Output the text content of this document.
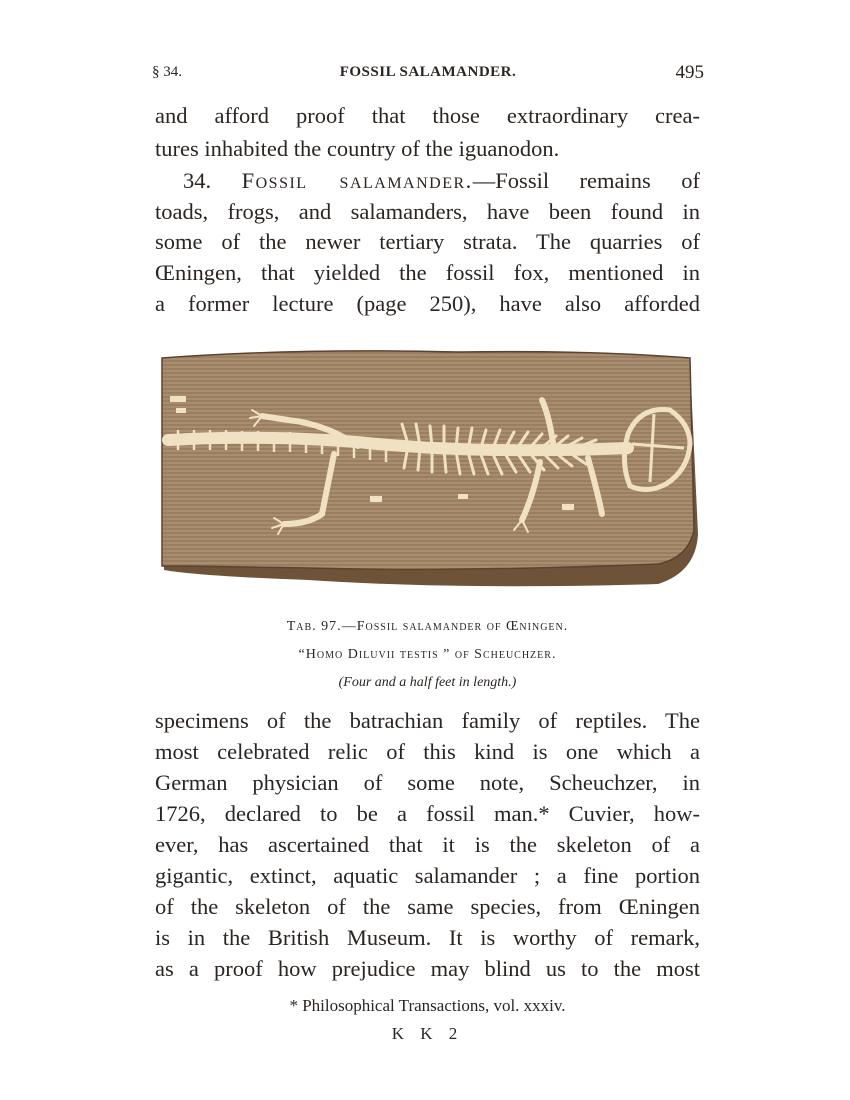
§ 34.	FOSSIL SALAMANDER.	495
and afford proof that those extraordinary crea-
tures inhabited the country of the iguanodon.
34. Fossil salamander.—Fossil remains of
toads, frogs, and salamanders, have been found in
some of the newer tertiary strata. The quarries of
Œningen, that yielded the fossil fox, mentioned in
a former lecture (page 250), have also afforded
Tab. 97.—Fossil salamander of Œningen.
“Homo Diluvii testis ” of Scheuchzer.
(Four and a half feet in length.)
specimens of the batrachian family of reptiles. The
most celebrated relic of this kind is one which a
German physician of some note, Scheuchzer, in
1726, declared to be a fossil man.* Cuvier, how-
ever, has ascertained that it is the skeleton of a
gigantic, extinct, aquatic salamander ; a fine portion
of the skeleton of the same species, from Œningen
is in the British Museum. It is worthy of remark,
as a proof how prejudice may blind us to the most
* Philosophical Transactions, vol. xxxiv.
K K 2
